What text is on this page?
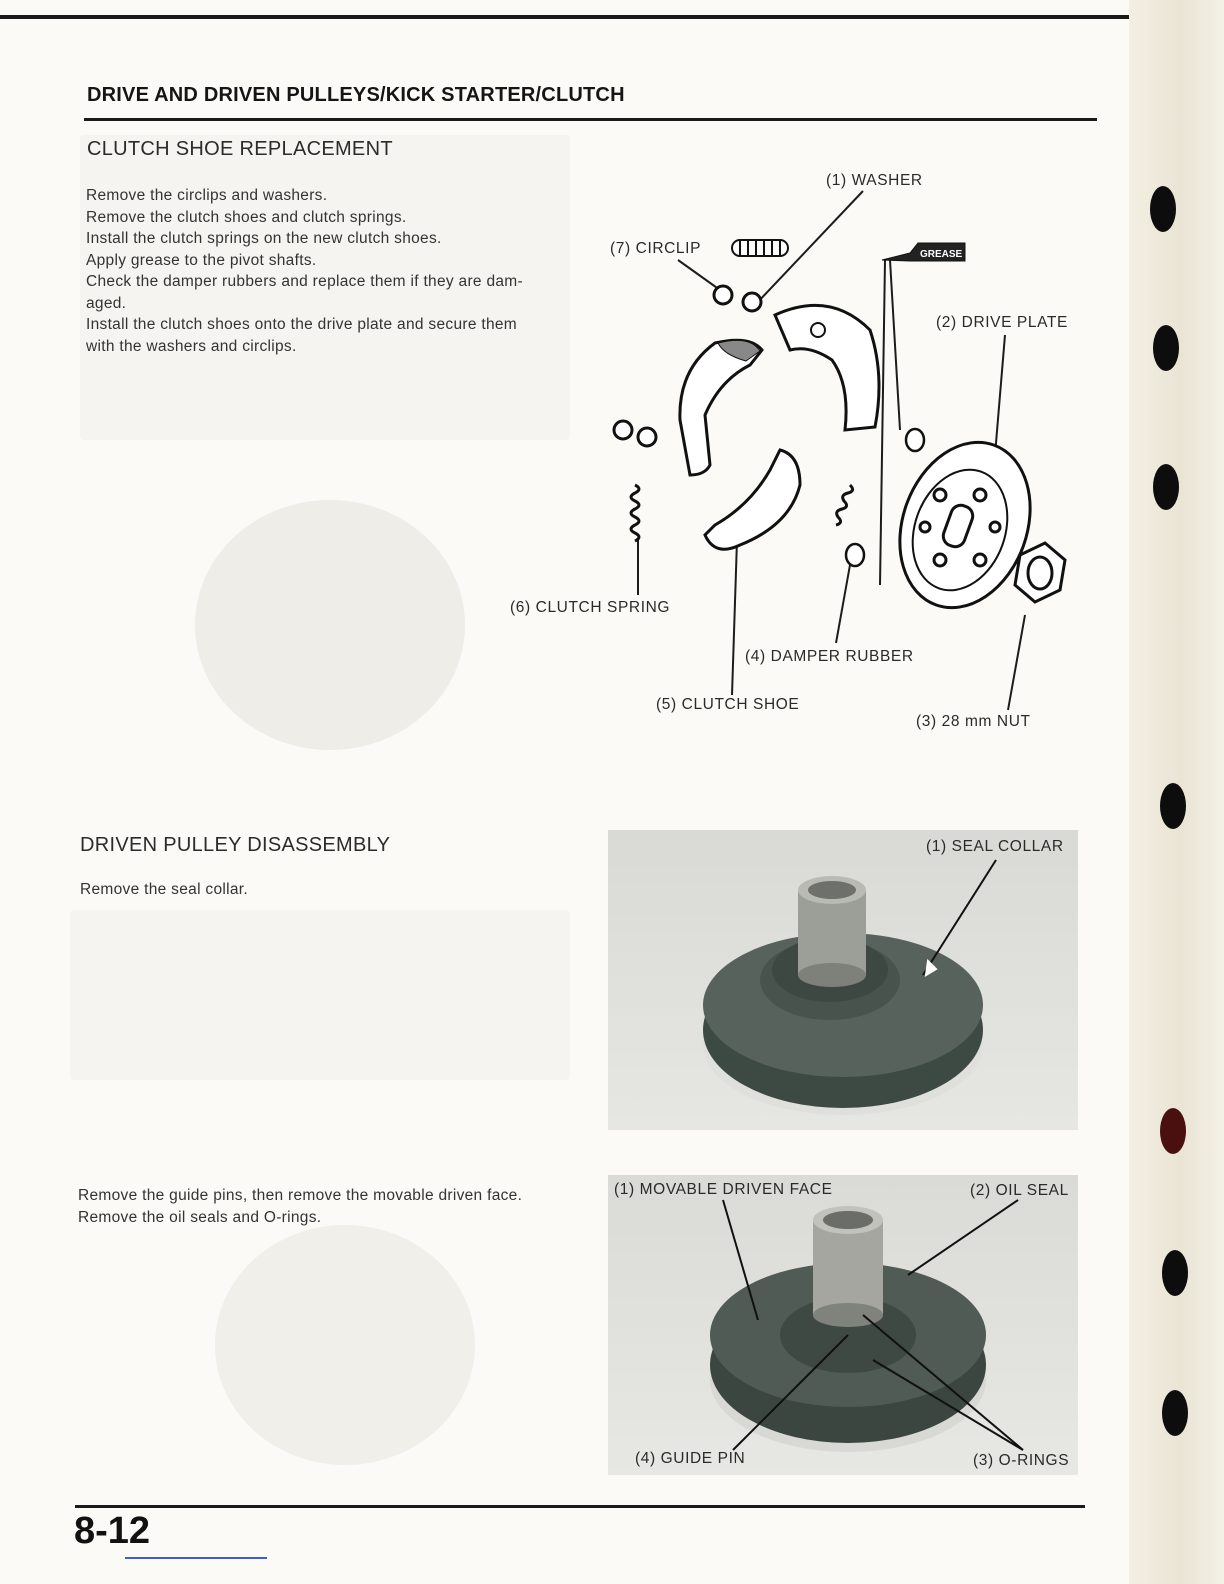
DRIVE AND DRIVEN PULLEYS/KICK STARTER/CLUTCH
CLUTCH SHOE REPLACEMENT
Remove the circlips and washers.
Remove the clutch shoes and clutch springs.
Install the clutch springs on the new clutch shoes.
Apply grease to the pivot shafts.
Check the damper rubbers and replace them if they are dam-
aged.
Install the clutch shoes onto the drive plate and secure them
with the washers and circlips.
GREASE
(1) WASHER
(7) CIRCLIP
(2) DRIVE PLATE
(6) CLUTCH SPRING
(4) DAMPER RUBBER
(5) CLUTCH SHOE
(3) 28 mm NUT
DRIVEN PULLEY DISASSEMBLY
Remove the seal collar.
(1) SEAL COLLAR
Remove the guide pins, then remove the movable driven face.
Remove the oil seals and O-rings.
(1) MOVABLE DRIVEN FACE	(2) OIL SEAL
(4) GUIDE PIN	(3) O-RINGS
8-12
